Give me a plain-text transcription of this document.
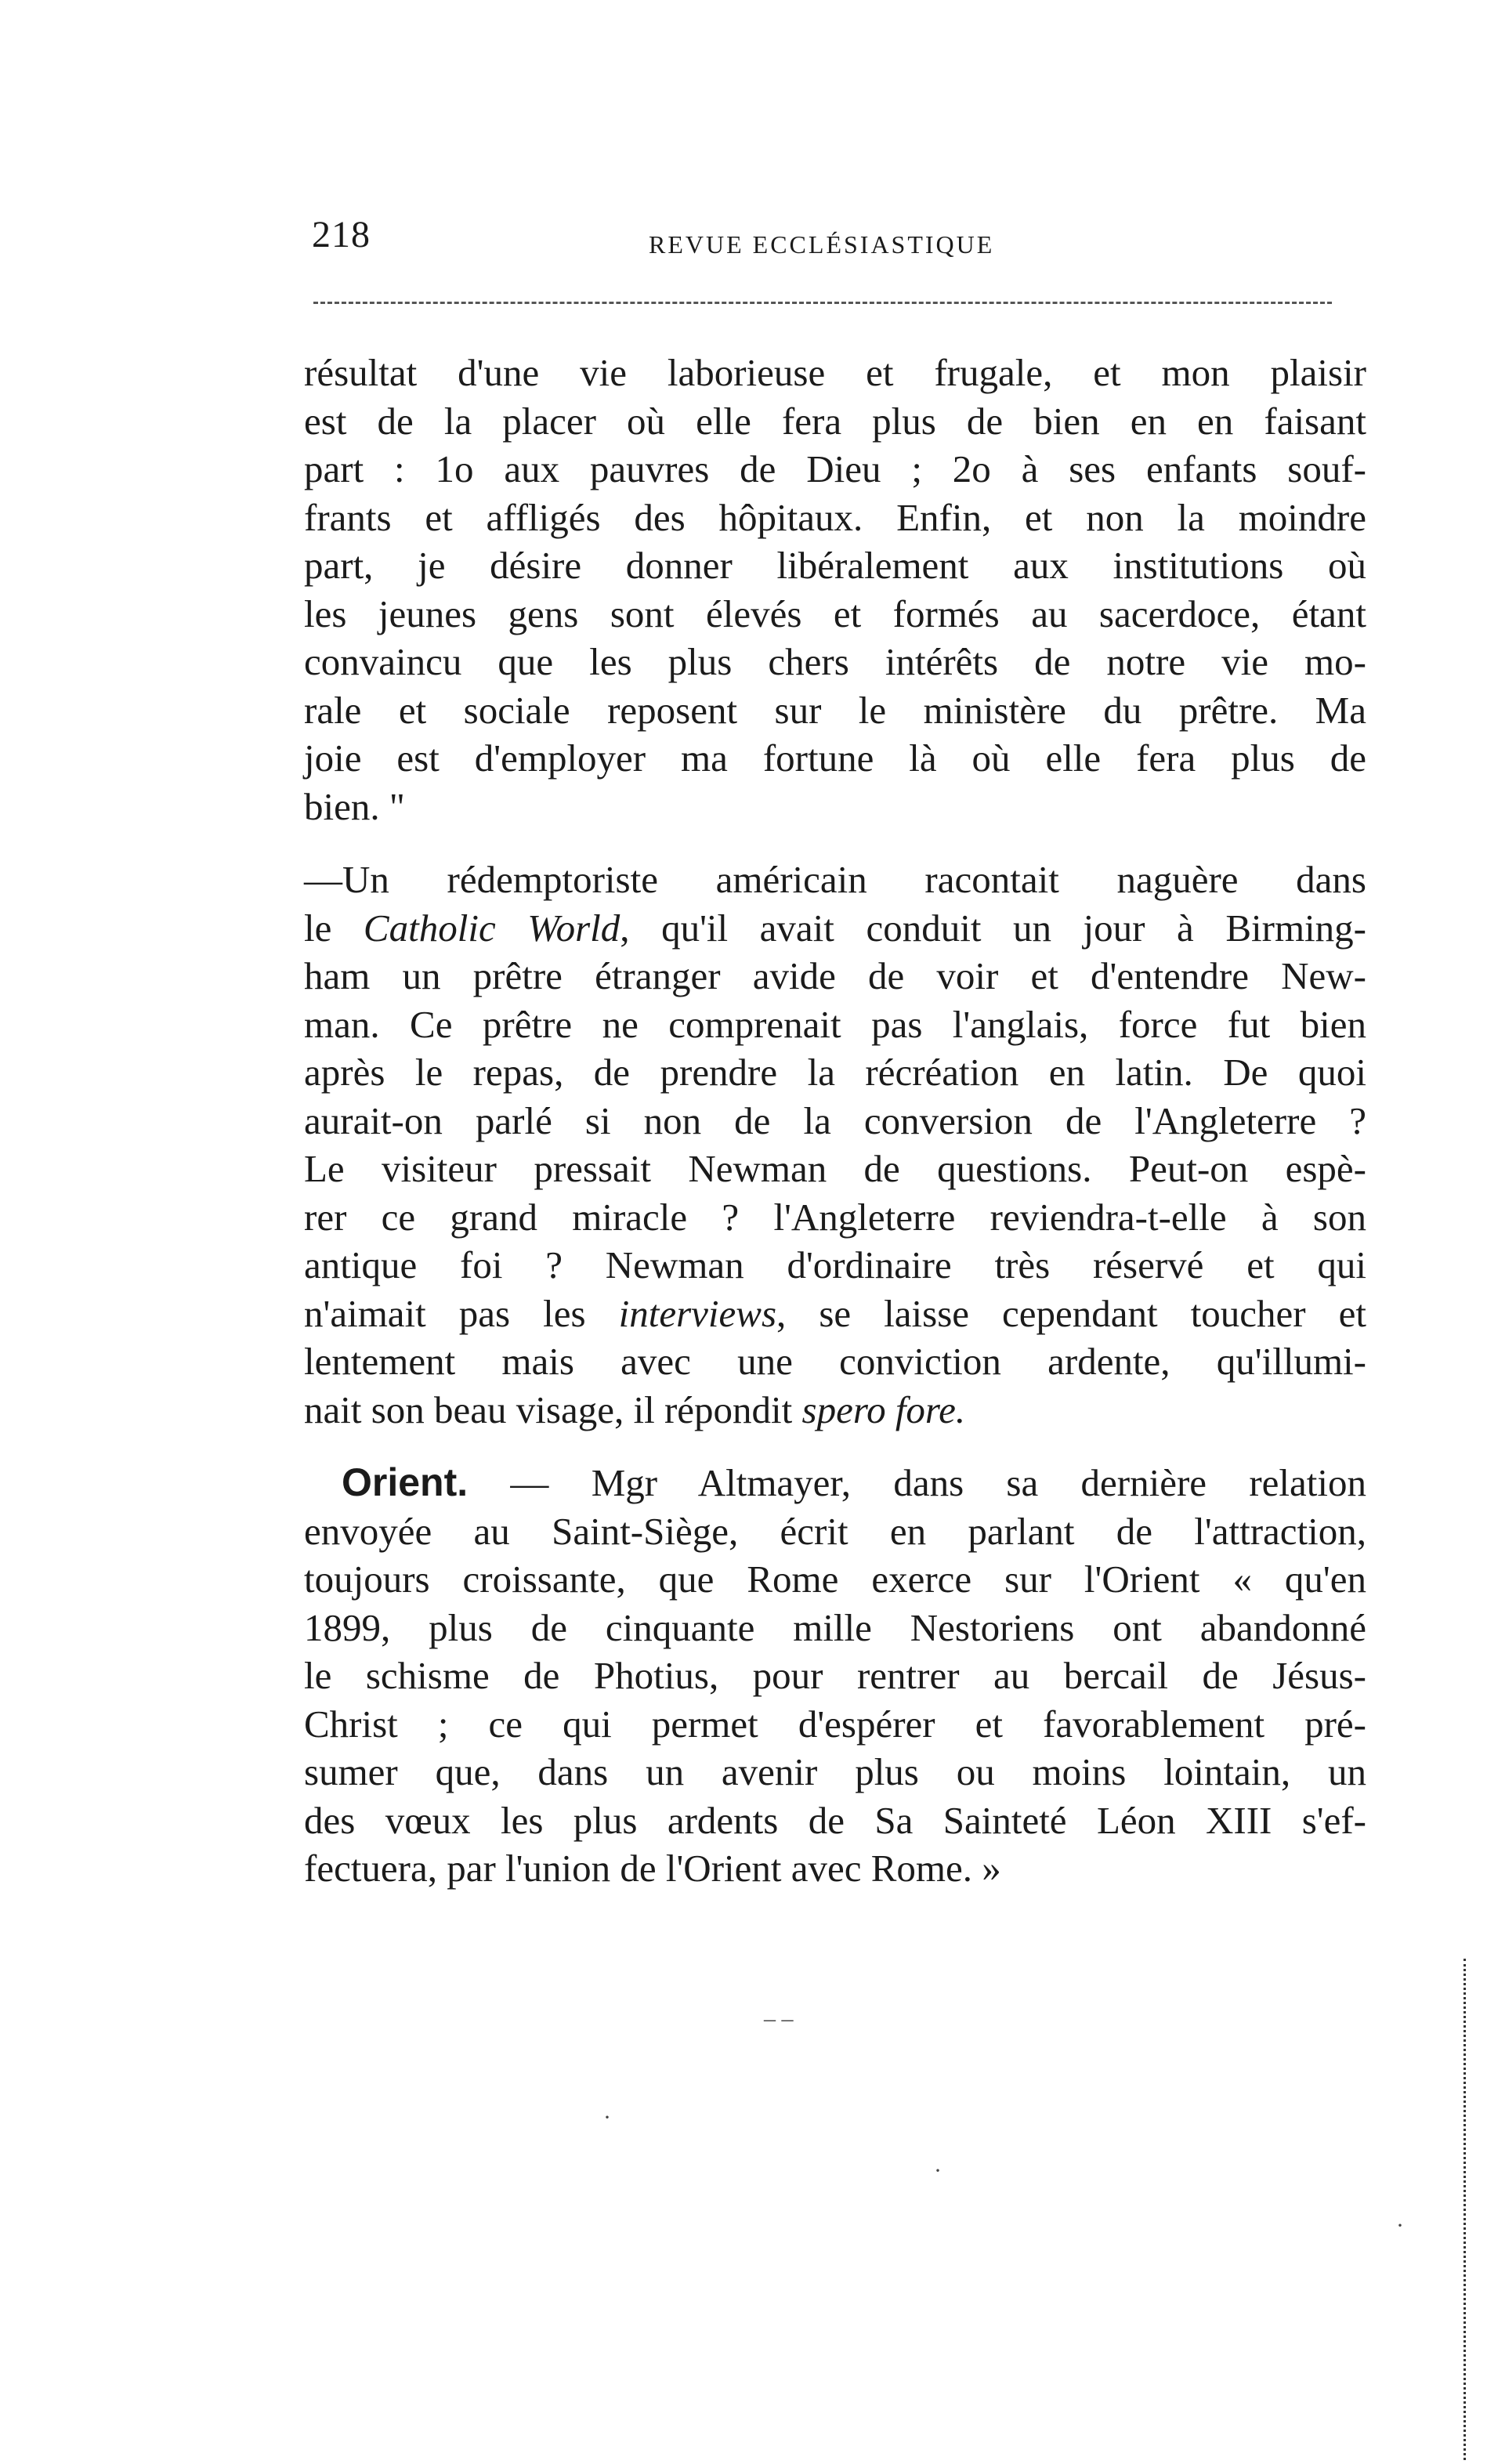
218	REVUE ECCLÉSIASTIQUE

résultat d'une vie laborieuse et frugale, et mon plaisir
est de la placer où elle fera plus de bien en en faisant
part : 1o aux pauvres de Dieu ; 2o à ses enfants souf-
frants et affligés des hôpitaux. Enfin, et non la moindre
part, je désire donner libéralement aux institutions où
les jeunes gens sont élevés et formés au sacerdoce, étant
convaincu que les plus chers intérêts de notre vie mo-
rale et sociale reposent sur le ministère du prêtre. Ma
joie est d'employer ma fortune là où elle fera plus de
bien. "

—Un rédemptoriste américain racontait naguère dans
le Catholic World, qu'il avait conduit un jour à Birming-
ham un prêtre étranger avide de voir et d'entendre New-
man. Ce prêtre ne comprenait pas l'anglais, force fut bien
après le repas, de prendre la récréation en latin. De quoi
aurait-on parlé si non de la conversion de l'Angleterre ?
Le visiteur pressait Newman de questions. Peut-on espè-
rer ce grand miracle ? l'Angleterre reviendra-t-elle à son
antique foi ? Newman d'ordinaire très réservé et qui
n'aimait pas les interviews, se laisse cependant toucher et
lentement mais avec une conviction ardente, qu'illumi-
nait son beau visage, il répondit spero fore.

Orient. — Mgr Altmayer, dans sa dernière relation
envoyée au Saint-Siège, écrit en parlant de l'attraction,
toujours croissante, que Rome exerce sur l'Orient « qu'en
1899, plus de cinquante mille Nestoriens ont abandonné
le schisme de Photius, pour rentrer au bercail de Jésus-
Christ ; ce qui permet d'espérer et favorablement pré-
sumer que, dans un avenir plus ou moins lointain, un
des vœux les plus ardents de Sa Sainteté Léon XIII s'ef-
fectuera, par l'union de l'Orient avec Rome. »

– –
·
·
·
